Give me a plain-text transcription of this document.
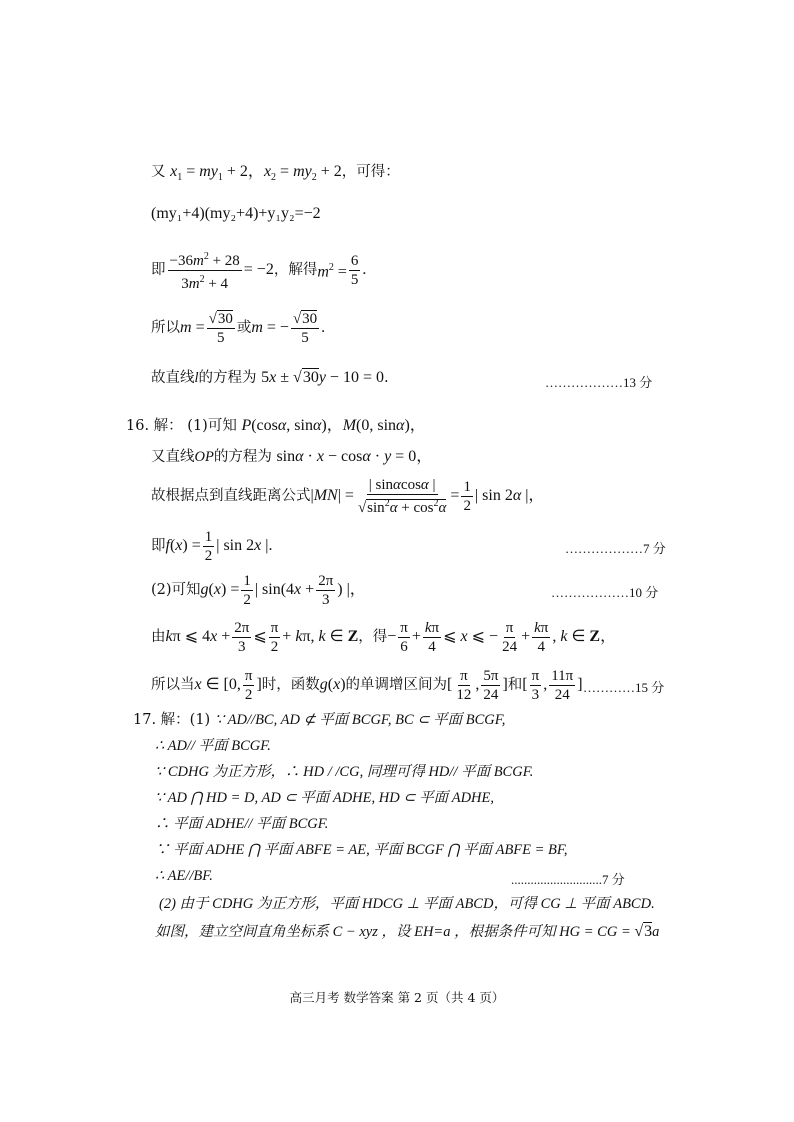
又 $x_1 = my_1 + 2$，$x_2 = my_2 + 2$，可得：
(my₁+4)(my₂+4)+y₁y₂=−2
即 $\frac{-36m^2 + 28}{3m^2 + 4} = -2$ ，解得 $m^2 = \frac{6}{5}$ .
所以 $m = \frac{√30}{5}$ 或 m = − $\frac{√30}{5}$ .
故直线l的方程为 5x ± √30y − 10 = 0.	………………13 分
16. 解： (1)可知 P(cosα, sinα)，M(0, sinα)，
又直线OP的方程为 sinα · x − cosα · y = 0，
故根据点到直线距离公式 $|MN| = \frac{| \sin\alpha\cos\alpha |}{√\sin^2\alpha + \cos^2\alpha} = \frac{1}{2}$ | sin 2α |，
即 $f(x) = \frac{1}{2}$ | sin 2x |.	………………7 分
(2)可知 $g(x) = \frac{1}{2}$ | $\sin(4x + \frac{2\pi}{3}$ ) |，	………………10 分
由 kπ ⩽ $4x + \frac{2\pi}{3}$ ⩽ $\frac{\pi}{2} + k\pi$, k ∈ Z ，得 − $\frac{\pi}{6} + \frac{k\pi}{4}$ ⩽ x ⩽ − $\frac{\pi}{24} + \frac{k\pi}{4}$ , k ∈ Z，
所以当 x ∈ [0, $\frac{\pi}{2}$ ] 时，函数 g(x) 的单调增区间为 [ $\frac{\pi}{12}$ , $\frac{5\pi}{24}$ ] 和 [ $\frac{\pi}{3}$ , $\frac{11\pi}{24}$ ] …………15 分
17. 解：(1) ∵ AD//BC, AD ⊄ 平面 BCGF, BC ⊂ 平面 BCGF,
∴ AD// 平面 BCGF.
∵ CDHG 为正方形，∴ HD / /CG, 同理可得 HD// 平面 BCGF.
∵ AD ⋂ HD = D, AD ⊂ 平面 ADHE, HD ⊂ 平面 ADHE,
∴ 平面 ADHE// 平面 BCGF.
∵ 平面 ADHE ⋂ 平面 ABFE = AE, 平面 BCGF ⋂ 平面 ABFE = BF,
∴ AE//BF.	............................7 分
(2) 由于 CDHG 为正方形，平面 HDCG ⊥ 平面 ABCD，可得 CG ⊥ 平面 ABCD.
如图，建立空间直角坐标系 C − xyz ，设 EH=a ，根据条件可知 HG = CG = √3a
高三月考 数学答案 第 2 页（共 4 页）
